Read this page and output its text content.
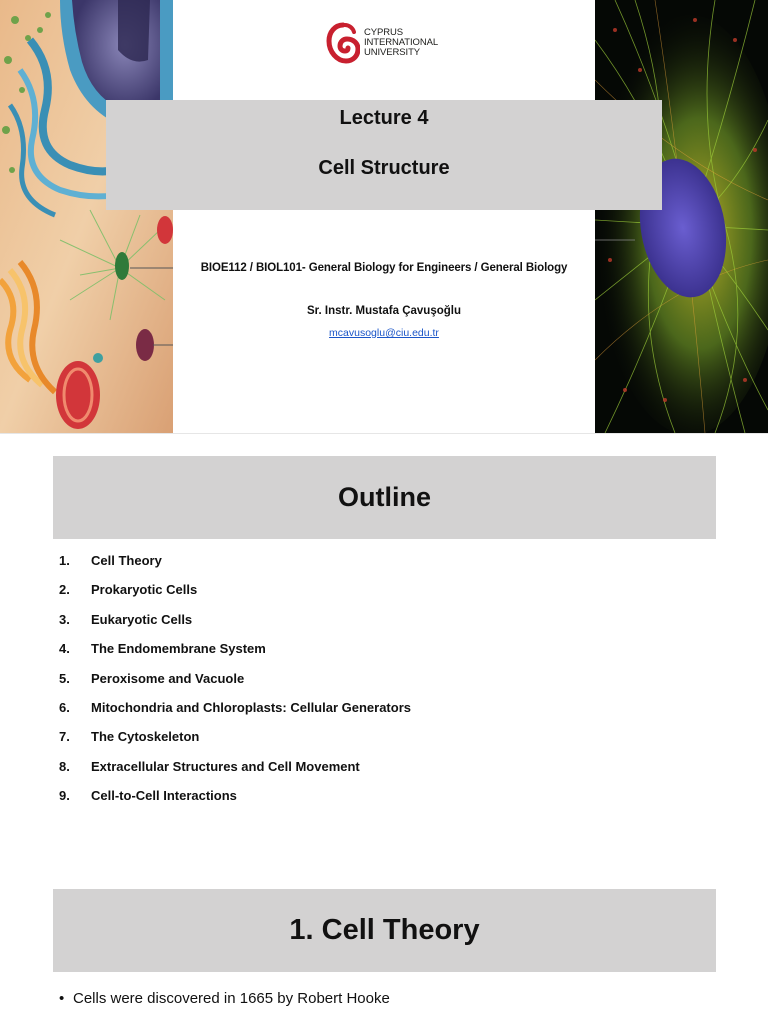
CYPRUS
INTERNATIONAL
UNIVERSITY
Lecture 4
Cell Structure
BIOE112 / BIOL101- General Biology for Engineers / General Biology
Sr. Instr. Mustafa Çavuşoğlu
mcavusoglu@ciu.edu.tr
Outline
1.	Cell Theory
2.	Prokaryotic Cells
3.	Eukaryotic Cells
4.	The Endomembrane System
5.	Peroxisome and Vacuole
6.	Mitochondria and Chloroplasts: Cellular Generators
7.	The Cytoskeleton
8.	Extracellular Structures and Cell Movement
9.	Cell-to-Cell Interactions
1. Cell Theory
• Cells were discovered in 1665 by Robert Hooke
